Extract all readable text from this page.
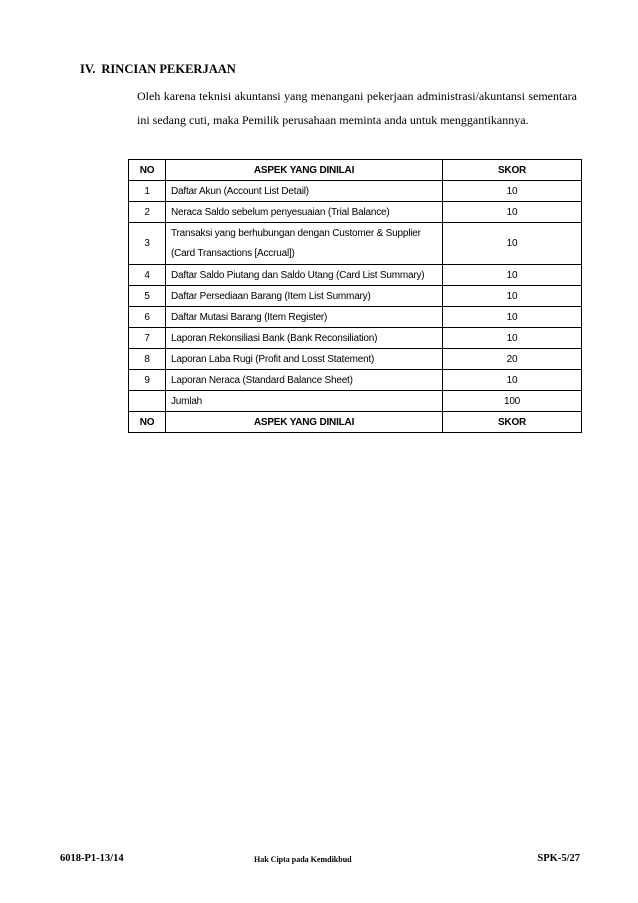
IV. RINCIAN PEKERJAAN
Oleh karena teknisi akuntansi yang menangani pekerjaan administrasi/akuntansi sementara ini sedang cuti, maka Pemilik perusahaan meminta anda untuk menggantikannya.
NO	ASPEK YANG DINILAI	SKOR
1	Daftar Akun (Account List Detail)	10
2	Neraca Saldo sebelum penyesuaian (Trial Balance)	10
3	Transaksi yang berhubungan dengan Customer & Supplier
(Card Transactions [Accrual])	10
4	Daftar Saldo Piutang dan Saldo Utang (Card List Summary)	10
5	Daftar Persediaan Barang (Item List Summary)	10
6	Daftar Mutasi Barang (Item Register)	10
7	Laporan Rekonsiliasi Bank (Bank Reconsiliation)	10
8	Laporan Laba Rugi (Profit and Losst Statement)	20
9	Laporan Neraca (Standard Balance Sheet)	10
	Jumlah	100
NO	ASPEK YANG DINILAI	SKOR
6018-P1-13/14	Hak Cipta pada Kemdikbud	SPK-5/27
